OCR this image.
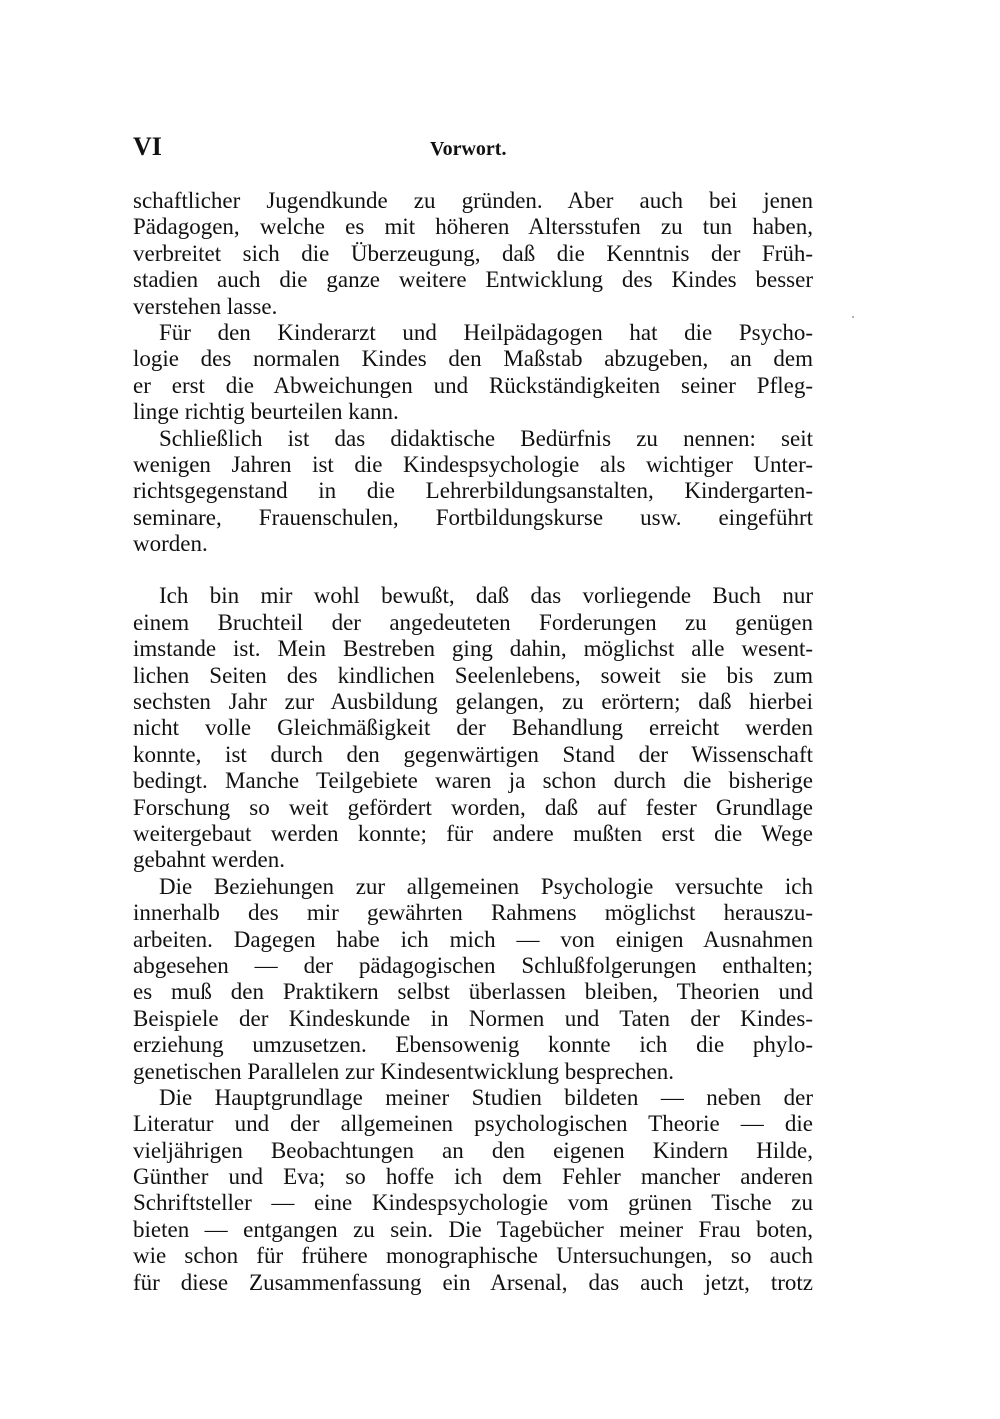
VI	Vorwort.
schaftlicher Jugendkunde zu gründen. Aber auch bei jenen
Pädagogen, welche es mit höheren Altersstufen zu tun haben,
verbreitet sich die Überzeugung, daß die Kenntnis der Früh-
stadien auch die ganze weitere Entwicklung des Kindes besser
verstehen lasse.
Für den Kinderarzt und Heilpädagogen hat die Psycho-
logie des normalen Kindes den Maßstab abzugeben, an dem
er erst die Abweichungen und Rückständigkeiten seiner Pfleg-
linge richtig beurteilen kann.
Schließlich ist das didaktische Bedürfnis zu nennen: seit
wenigen Jahren ist die Kindespsychologie als wichtiger Unter-
richtsgegenstand in die Lehrerbildungsanstalten, Kindergarten-
seminare, Frauenschulen, Fortbildungskurse usw. eingeführt
worden.
Ich bin mir wohl bewußt, daß das vorliegende Buch nur
einem Bruchteil der angedeuteten Forderungen zu genügen
imstande ist. Mein Bestreben ging dahin, möglichst alle wesent-
lichen Seiten des kindlichen Seelenlebens, soweit sie bis zum
sechsten Jahr zur Ausbildung gelangen, zu erörtern; daß hierbei
nicht volle Gleichmäßigkeit der Behandlung erreicht werden
konnte, ist durch den gegenwärtigen Stand der Wissenschaft
bedingt. Manche Teilgebiete waren ja schon durch die bisherige
Forschung so weit gefördert worden, daß auf fester Grundlage
weitergebaut werden konnte; für andere mußten erst die Wege
gebahnt werden.
Die Beziehungen zur allgemeinen Psychologie versuchte ich
innerhalb des mir gewährten Rahmens möglichst herauszu-
arbeiten. Dagegen habe ich mich — von einigen Ausnahmen
abgesehen — der pädagogischen Schlußfolgerungen enthalten;
es muß den Praktikern selbst überlassen bleiben, Theorien und
Beispiele der Kindeskunde in Normen und Taten der Kindes-
erziehung umzusetzen. Ebensowenig konnte ich die phylo-
genetischen Parallelen zur Kindesentwicklung besprechen.
Die Hauptgrundlage meiner Studien bildeten — neben der
Literatur und der allgemeinen psychologischen Theorie — die
vieljährigen Beobachtungen an den eigenen Kindern Hilde,
Günther und Eva; so hoffe ich dem Fehler mancher anderen
Schriftsteller — eine Kindespsychologie vom grünen Tische zu
bieten — entgangen zu sein. Die Tagebücher meiner Frau boten,
wie schon für frühere monographische Untersuchungen, so auch
für diese Zusammenfassung ein Arsenal, das auch jetzt, trotz
